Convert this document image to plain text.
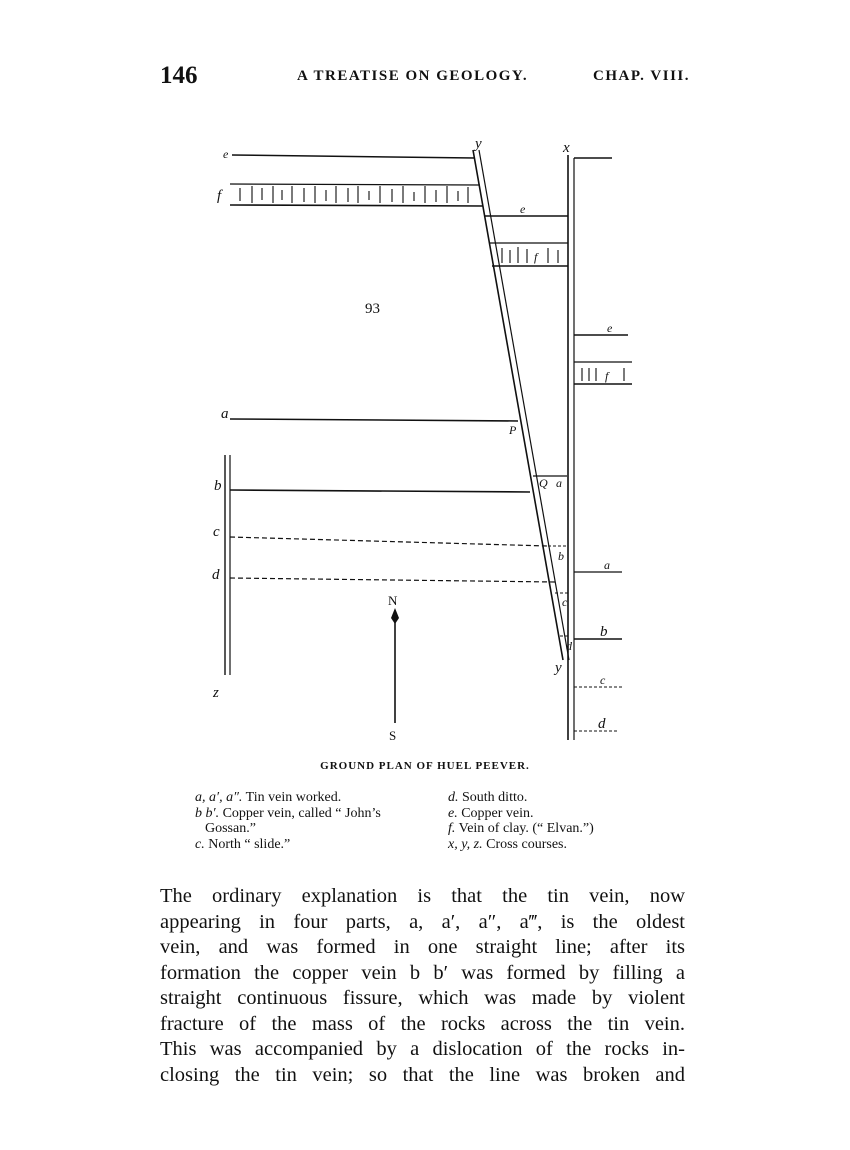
146	A TREATISE ON GEOLOGY.	CHAP. VIII.
e
f
y	x
e
f
e
f
93
a
P
b	Q a
c
d
b
c
d
a
b
c
d
y
z
N
S
GROUND PLAN OF HUEL PEEVER.
a, a′, a″. Tin vein worked.
b b′. Copper vein, called “ John’s
Gossan.”
c. North “ slide.”
d. South ditto.
e. Copper vein.
f. Vein of clay. (“ Elvan.”)
x, y, z. Cross courses.
The ordinary explanation is that the tin vein, now
appearing in four parts, a, a′, a″, a‴, is the oldest
vein, and was formed in one straight line; after its
formation the copper vein b b′ was formed by filling a
straight continuous fissure, which was made by violent
fracture of the mass of the rocks across the tin vein.
This was accompanied by a dislocation of the rocks in-
closing the tin vein; so that the line was broken and
